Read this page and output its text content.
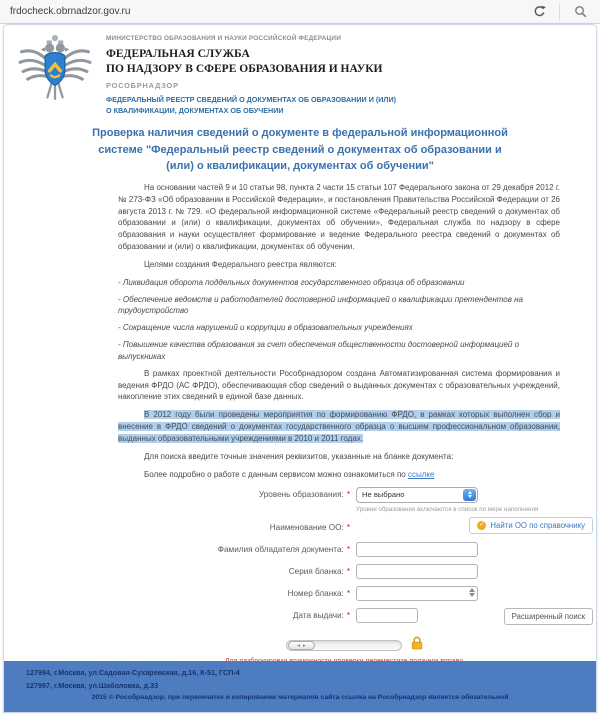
frdocheck.obrnadzor.gov.ru
МИНИСТЕРСТВО ОБРАЗОВАНИЯ И НАУКИ РОССИЙСКОЙ ФЕДЕРАЦИИ
ФЕДЕРАЛЬНАЯ СЛУЖБА
ПО НАДЗОРУ В СФЕРЕ ОБРАЗОВАНИЯ И НАУКИ
РОСОБРНАДЗОР
ФЕДЕРАЛЬНЫЙ РЕЕСТР СВЕДЕНИЙ О ДОКУМЕНТАХ ОБ ОБРАЗОВАНИИ И (ИЛИ)
О КВАЛИФИКАЦИИ, ДОКУМЕНТАХ ОБ ОБУЧЕНИИ
Проверка наличия сведений о документе в федеральной информационной системе "Федеральный реестр сведений о документах об образовании и (или) о квалификации, документах об обучении"

На основании частей 9 и 10 статьи 98, пункта 2 части 15 статьи 107 Федерального закона от 29 декабря 2012 г. № 273-ФЗ «Об образовании в Российской Федерации», и постановления Правительства Российской Федерации от 26 августа 2013 г. № 729. «О федеральной информационной системе «Федеральный реестр сведений о документах об образовании и (или) о квалификации, документах об обучении», Федеральная служба по надзору в сфере образования и науки осуществляет формирование и ведение Федерального реестра сведений о документах об образовании и (или) о квалификации, документах об обучении.

Целями создания Федерального реестра являются:

- Ликвидация оборота поддельных документов государственного образца об образовании

- Обеспечение ведомств и работодателей достоверной информацией о квалификации претендентов на трудоустройство

- Сокращение числа нарушений и коррупции в образовательных учреждениях

- Повышение качества образования за счет обеспечения общественности достоверной информацией о выпускниках

В рамках проектной деятельности Рособрнадзором создана Автоматизированная система формирования и ведения ФРДО (АС ФРДО), обеспечивающая сбор сведений о выданных документах с образовательных учреждений, накопление этих сведений в единой базе данных.

В 2012 году были проведены мероприятия по формированию ФРДО, в рамках которых выполнен сбор и внесение в ФРДО сведений о документах государственного образца о высшем профессиональном образовании, выданных образовательными учреждениями в 2010 и 2011 годах.

Для поиска введите точные значения реквизитов, указанные на бланке документа:

Более подробно о работе с данным сервисом можно ознакомиться по ссылке

Уровень образования: * Не выбрано
Уровни образования включаются в список по мере наполнения
Наименование ОО: *	✓ Найти ОО по справочнику
Фамилия обладателя документа: *
Серия бланка: *
Номер бланка: *
Дата выдачи: *	Расширенный поиск
◂ ▸
127994, г.Москва, ул.Садовая-Сухаревская, д.16, К-51, ГСП-4
127997, г.Москва, ул.Шаболовка, д.33
2015 © Рособрнадзор, при перепечатке и копировании материалов сайта ссылка на Рособрнадзор является обязательной
